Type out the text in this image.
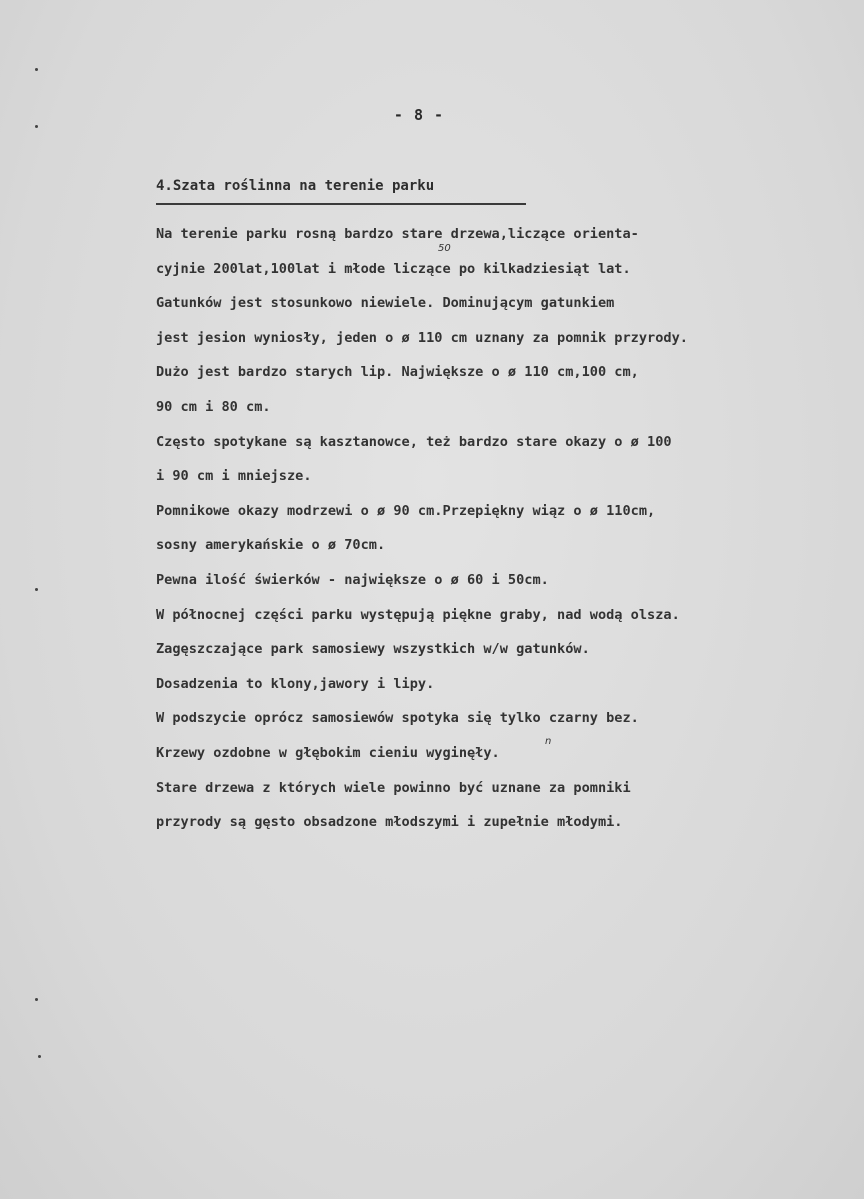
- 8 -
4.Szata roślinna na terenie parku
50
n
Na terenie parku rosną bardzo stare drzewa,liczące orienta-
cyjnie 200lat,100lat i młode liczące po kilkadziesiąt lat.
Gatunków jest stosunkowo niewiele. Dominującym gatunkiem
jest jesion wyniosły, jeden o ø 110 cm uznany za pomnik przyrody.
Dużo jest bardzo starych lip. Największe o ø 110 cm,100 cm,
90 cm i 80 cm.
Często spotykane są kasztanowce, też bardzo stare okazy o ø 100
i 90 cm i mniejsze.
Pomnikowe okazy modrzewi o ø 90 cm.Przepiękny wiąz o ø 110cm,
sosny amerykańskie o ø 70cm.
Pewna ilość świerków - największe o ø 60 i 50cm.
W północnej części parku występują piękne graby, nad wodą olsza.
Zagęszczające park samosiewy wszystkich w/w gatunków.
Dosadzenia to klony,jawory i lipy.
W podszycie oprócz samosiewów spotyka się tylko czarny bez.
Krzewy ozdobne w głębokim cieniu wyginęły.
Stare drzewa z których wiele powinno być uznane za pomniki
przyrody są gęsto obsadzone młodszymi i zupełnie młodymi.
